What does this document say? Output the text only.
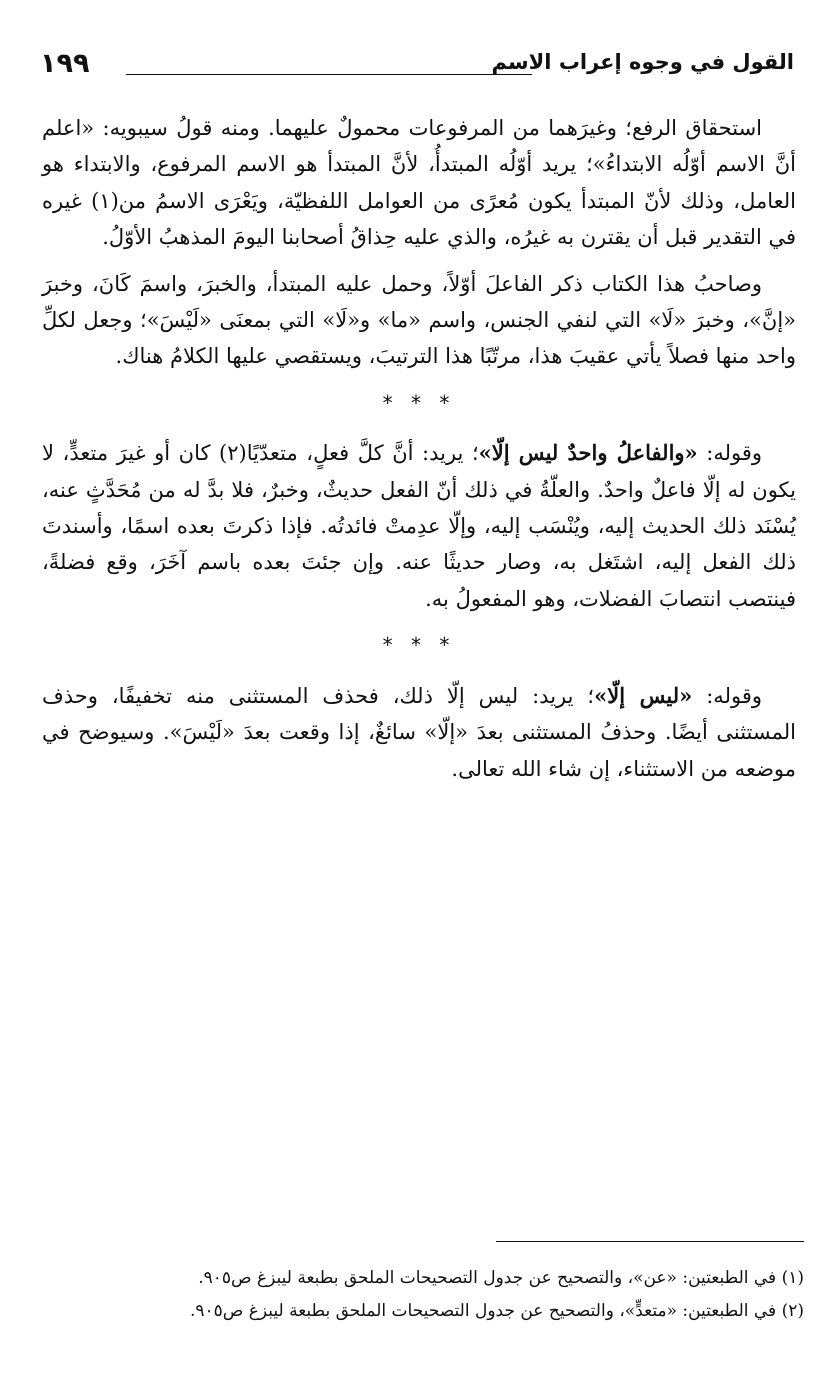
القول في وجوه إعراب الاسم
١٩٩

استحقاق الرفع؛ وغيرَهما من المرفوعات محمولٌ عليهما. ومنه قولُ سيبويه: «اعلم أنَّ الاسم أوّلُه الابتداءُ»؛ يريد أوّلُه المبتدأُ، لأنَّ المبتدأ هو الاسم المرفوع، والابتداء هو العامل، وذلك لأنّ المبتدأ يكون مُعرًى من العوامل اللفظيّة، ويَعْرَى الاسمُ من(١) غيره في التقدير قبل أن يقترن به غيرُه، والذي عليه حِذاقُ أصحابنا اليومَ المذهبُ الأوّلُ.

وصاحبُ هذا الكتاب ذكر الفاعلَ أوّلاً، وحمل عليه المبتدأ، والخبرَ، واسمَ كَانَ، وخبرَ «إنَّ»، وخبرَ «لَا» التي لنفي الجنس، واسم «ما» و«لَا» التي بمعنَى «لَيْسَ»؛ وجعل لكلِّ واحد منها فصلاً يأتي عقيبَ هذا، مرتّبًا هذا الترتيبَ، ويستقصي عليها الكلامُ هناك.

* * *

وقوله: «والفاعلُ واحدٌ ليس إلّا»؛ يريد: أنَّ كلَّ فعلٍ، متعدّيًا(٢) كان أو غيرَ متعدٍّ، لا يكون له إلّا فاعلٌ واحدٌ. والعلّةُ في ذلك أنّ الفعل حديثٌ، وخبرٌ، فلا بدَّ له من مُحَدَّثٍ عنه، يُسْنَد ذلك الحديث إليه، ويُنْسَب إليه، وإلّا عدِمتْ فائدتُه. فإذا ذكرتَ بعده اسمًا، وأسندتَ ذلك الفعل إليه، اشتَغل به، وصار حديثًا عنه. وإن جئتَ بعده باسم آخَرَ، وقع فضلةً، فينتصب انتصابَ الفضلات، وهو المفعولُ به.

* * *

وقوله: «ليس إلّا»؛ يريد: ليس إلّا ذلك، فحذف المستثنى منه تخفيفًا، وحذف المستثنى أيضًا. وحذفُ المستثنى بعدَ «إلّا» سائغٌ، إذا وقعت بعدَ «لَيْسَ». وسيوضح في موضعه من الاستثناء، إن شاء الله تعالى.

(١) في الطبعتين: «عن»، والتصحيح عن جدول التصحيحات الملحق بطبعة ليبزغ ص٩٠٥.
(٢) في الطبعتين: «متعدٍّ»، والتصحيح عن جدول التصحيحات الملحق بطبعة ليبزغ ص٩٠٥.
